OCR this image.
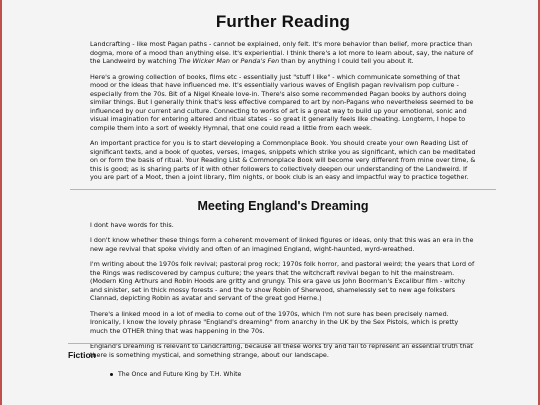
Further Reading

Landcrafting - like most Pagan paths - cannot be explained, only felt. It's more behavior than belief, more practice than dogma, more of a mood than anything else. It's experiential. I think there's a lot more to learn about, say, the nature of the Landweird by watching The Wicker Man or Penda's Fen than by anything I could tell you about it.

Here's a growing collection of books, films etc - essentially just "stuff I like" - which communicate something of that mood or the ideas that have influenced me. It's essentially various waves of English pagan revivalism pop culture - especially from the 70s. Bit of a Nigel Kneale love-in. There's also some recommended Pagan books by authors doing similar things. But I generally think that's less effective compared to art by non-Pagans who nevertheless seemed to be influenced by our current and culture. Connecting to works of art is a great way to build up your emotional, sonic and visual imagination for entering altered and ritual states - so great it generally feels like cheating. Longterm, I hope to compile them into a sort of weekly Hymnal, that one could read a little from each week.

An important practice for you is to start developing a Commonplace Book. You should create your own Reading List of significant texts, and a book of quotes, verses, images, snippets which strike you as significant, which can be meditated on or form the basis of ritual. Your Reading List & Commonplace Book will become very different from mine over time, & this is good; as is sharing parts of it with other followers to collectively deepen our understanding of the Landweird. If you are part of a Moot, then a joint library, film nights, or book club is an easy and impactful way to practice together.

Meeting England's Dreaming

I dont have words for this.

I don't know whether these things form a coherent movement of linked figures or ideas, only that this was an era in the new age revival that spoke vividly and often of an imagined England, wight-haunted, wyrd-wreathed.

I'm writing about the 1970s folk revival; pastoral prog rock; 1970s folk horror, and pastoral weird; the years that Lord of the Rings was rediscovered by campus culture; the years that the witchcraft revival began to hit the mainstream. (Modern King Arthurs and Robin Hoods are gritty and grungy. This era gave us John Boorman's Excalibur film - witchy and sinister, set in thick mossy forests - and the tv show Robin of Sherwood, shamelessly set to new age folksters Clannad, depicting Robin as avatar and servant of the great god Herne.)

There's a linked mood in a lot of media to come out of the 1970s, which I'm not sure has been precisely named. Ironically, I know the lovely phrase "England's dreaming" from anarchy in the UK by the Sex Pistols, which is pretty much the OTHER thing that was happening in the 70s.

England's Dreaming is relevant to Landcrafting, because all these works try and fail to represent an essential truth that there is something mystical, and something strange, about our landscape.

Fiction
The Once and Future King by T.H. White
